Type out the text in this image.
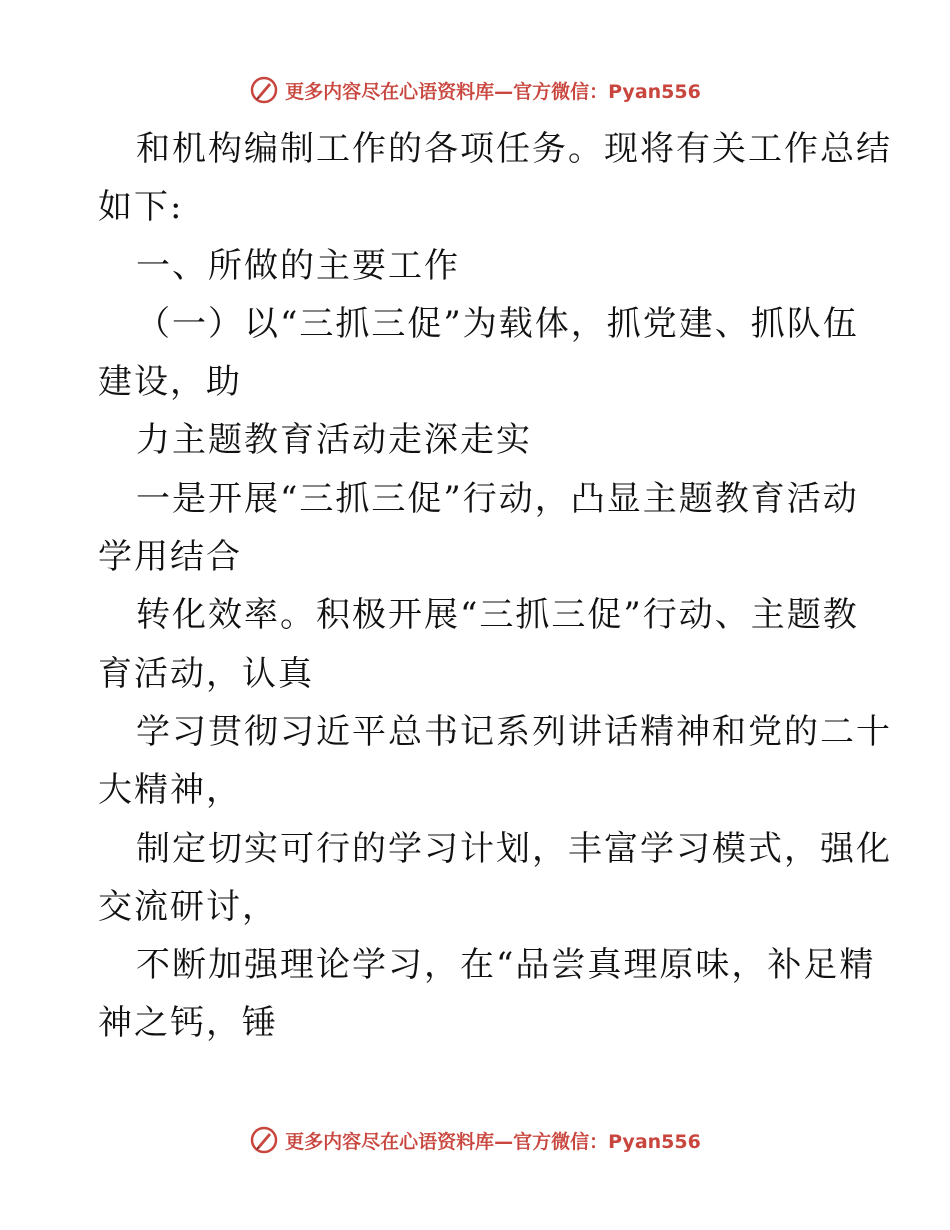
更多内容尽在心语资料库—官方微信：Pyan556
和机构编制工作的各项任务。现将有关工作总结
如下:
一、所做的主要工作
（一）以“三抓三促”为载体，抓党建、抓队伍
建设，助
力主题教育活动走深走实
一是开展“三抓三促”行动，凸显主题教育活动
学用结合
转化效率。积极开展“三抓三促”行动、主题教
育活动，认真
学习贯彻习近平总书记系列讲话精神和党的二十
大精神，
制定切实可行的学习计划，丰富学习模式，强化
交流研讨，
不断加强理论学习，在“品尝真理原味，补足精
神之钙，锤
更多内容尽在心语资料库—官方微信：Pyan556
